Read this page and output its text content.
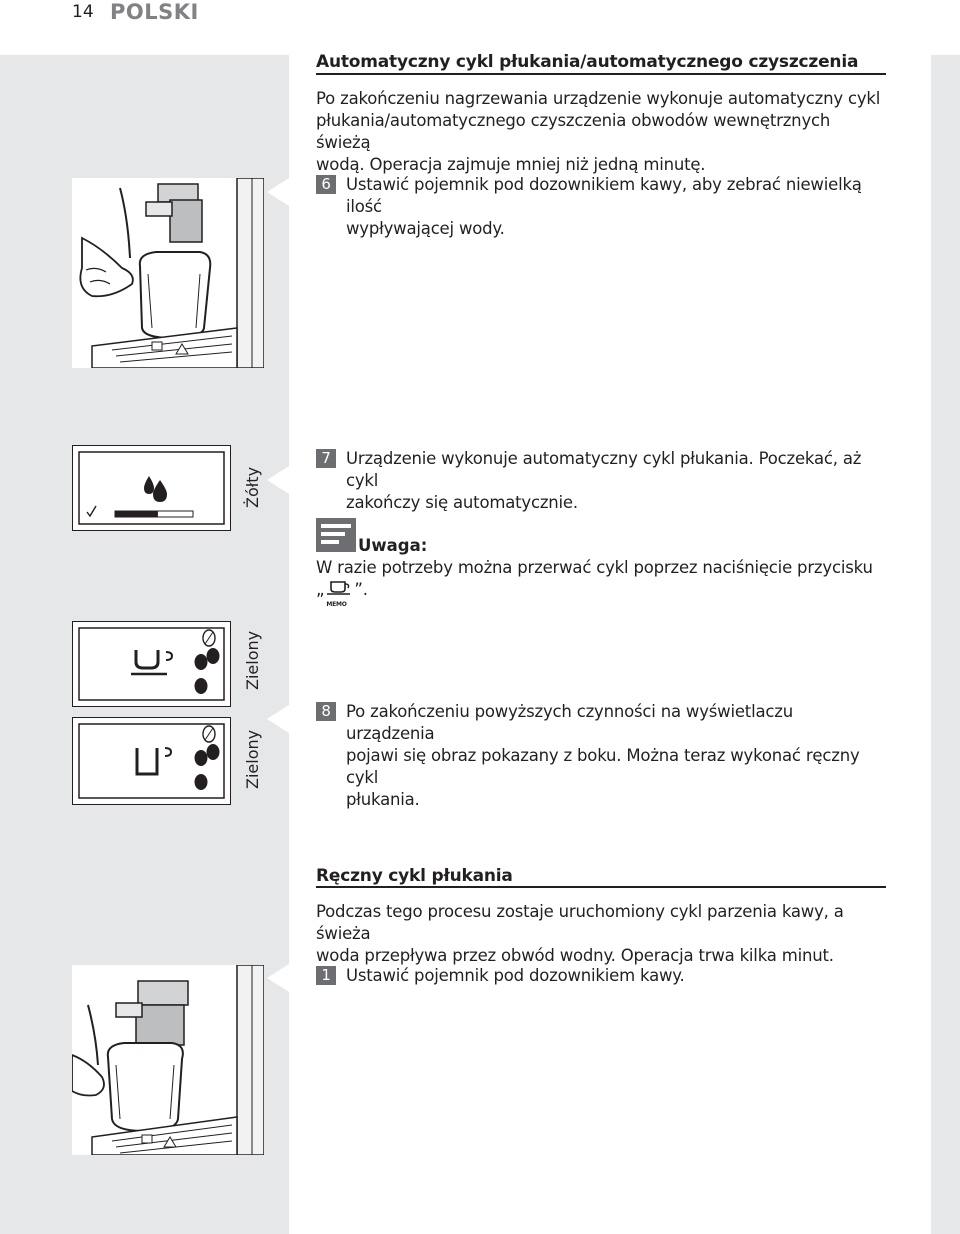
14 POLSKI
Automatyczny cykl płukania/automatycznego czyszczenia
Po zakończeniu nagrzewania urządzenie wykonuje automatyczny cykl
płukania/automatycznego czyszczenia obwodów wewnętrznych świeżą
wodą. Operacja zajmuje mniej niż jedną minutę.
6 Ustawić pojemnik pod dozownikiem kawy, aby zebrać niewielką ilość
wypływającej wody.
Żółty
7 Urządzenie wykonuje automatyczny cykl płukania. Poczekać, aż cykl
zakończy się automatycznie.
Uwaga:
W razie potrzeby można przerwać cykl poprzez naciśnięcie przycisku „
MEMO
”.
Zielony
Zielony
8 Po zakończeniu powyższych czynności na wyświetlaczu urządzenia
pojawi się obraz pokazany z boku. Można teraz wykonać ręczny cykl
płukania.
Ręczny cykl płukania
Podczas tego procesu zostaje uruchomiony cykl parzenia kawy, a świeża
woda przepływa przez obwód wodny. Operacja trwa kilka minut.
1 Ustawić pojemnik pod dozownikiem kawy.
